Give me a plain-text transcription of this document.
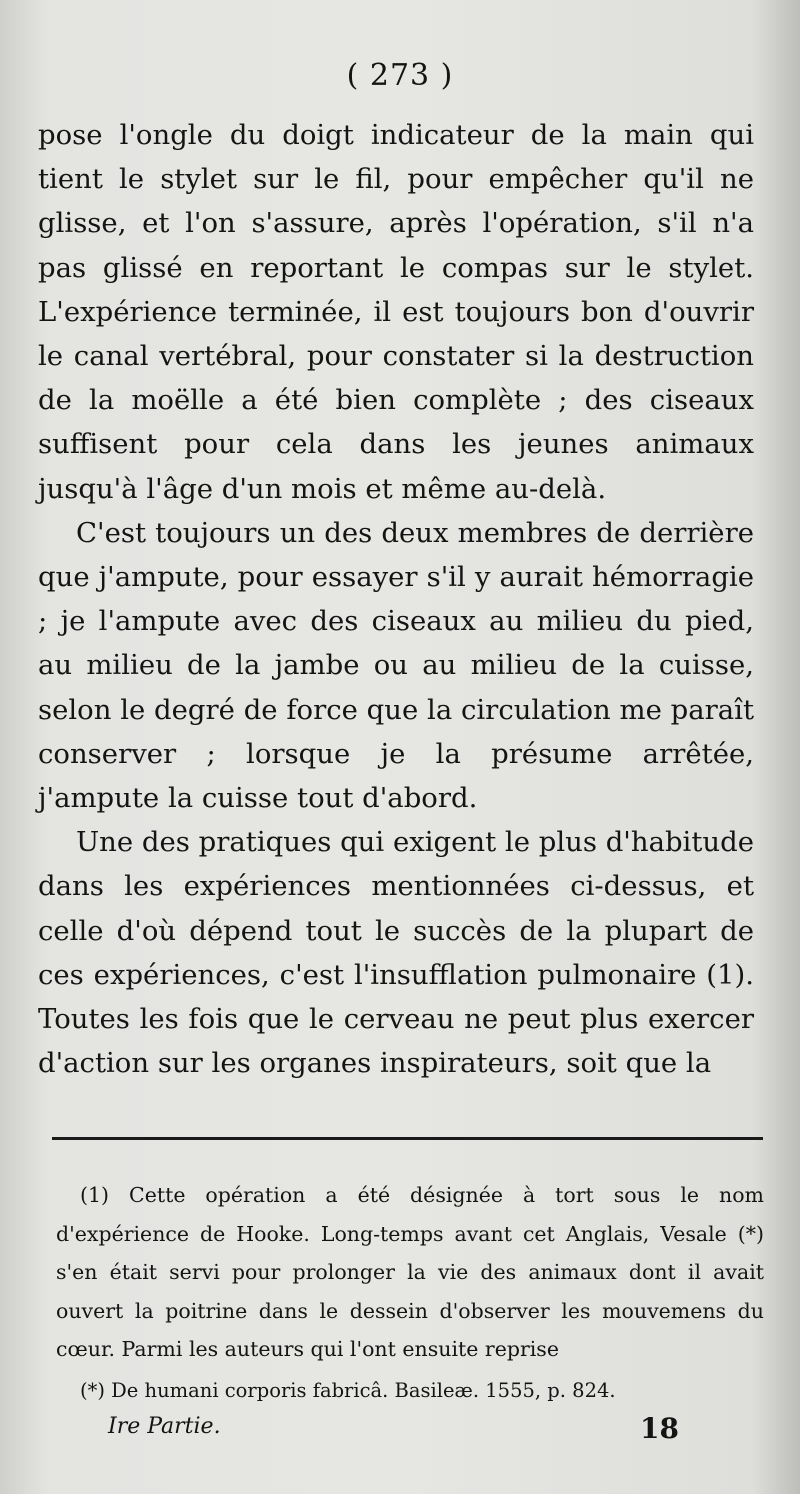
( 273 )

pose l'ongle du doigt indicateur de la main qui tient le stylet sur le fil, pour empêcher qu'il ne glisse, et l'on s'assure, après l'opération, s'il n'a pas glissé en reportant le compas sur le stylet. L'expérience terminée, il est toujours bon d'ouvrir le canal vertébral, pour constater si la destruction de la moëlle a été bien complète ; des ciseaux suffisent pour cela dans les jeunes animaux jusqu'à l'âge d'un mois et même au-delà.

C'est toujours un des deux membres de derrière que j'ampute, pour essayer s'il y aurait hémorragie ; je l'ampute avec des ciseaux au milieu du pied, au milieu de la jambe ou au milieu de la cuisse, selon le degré de force que la circulation me paraît conserver ; lorsque je la présume arrêtée, j'ampute la cuisse tout d'abord.

Une des pratiques qui exigent le plus d'habitude dans les expériences mentionnées ci-dessus, et celle d'où dépend tout le succès de la plupart de ces expériences, c'est l'insufflation pulmonaire (1). Toutes les fois que le cerveau ne peut plus exercer d'action sur les organes inspirateurs, soit que la

(1) Cette opération a été désignée à tort sous le nom d'expérience de Hooke. Long-temps avant cet Anglais, Vesale (*) s'en était servi pour prolonger la vie des animaux dont il avait ouvert la poitrine dans le dessein d'observer les mouvemens du cœur. Parmi les auteurs qui l'ont ensuite reprise

(*) De humani corporis fabricâ. Basileæ. 1555, p. 824.

Ire Partie.	18
